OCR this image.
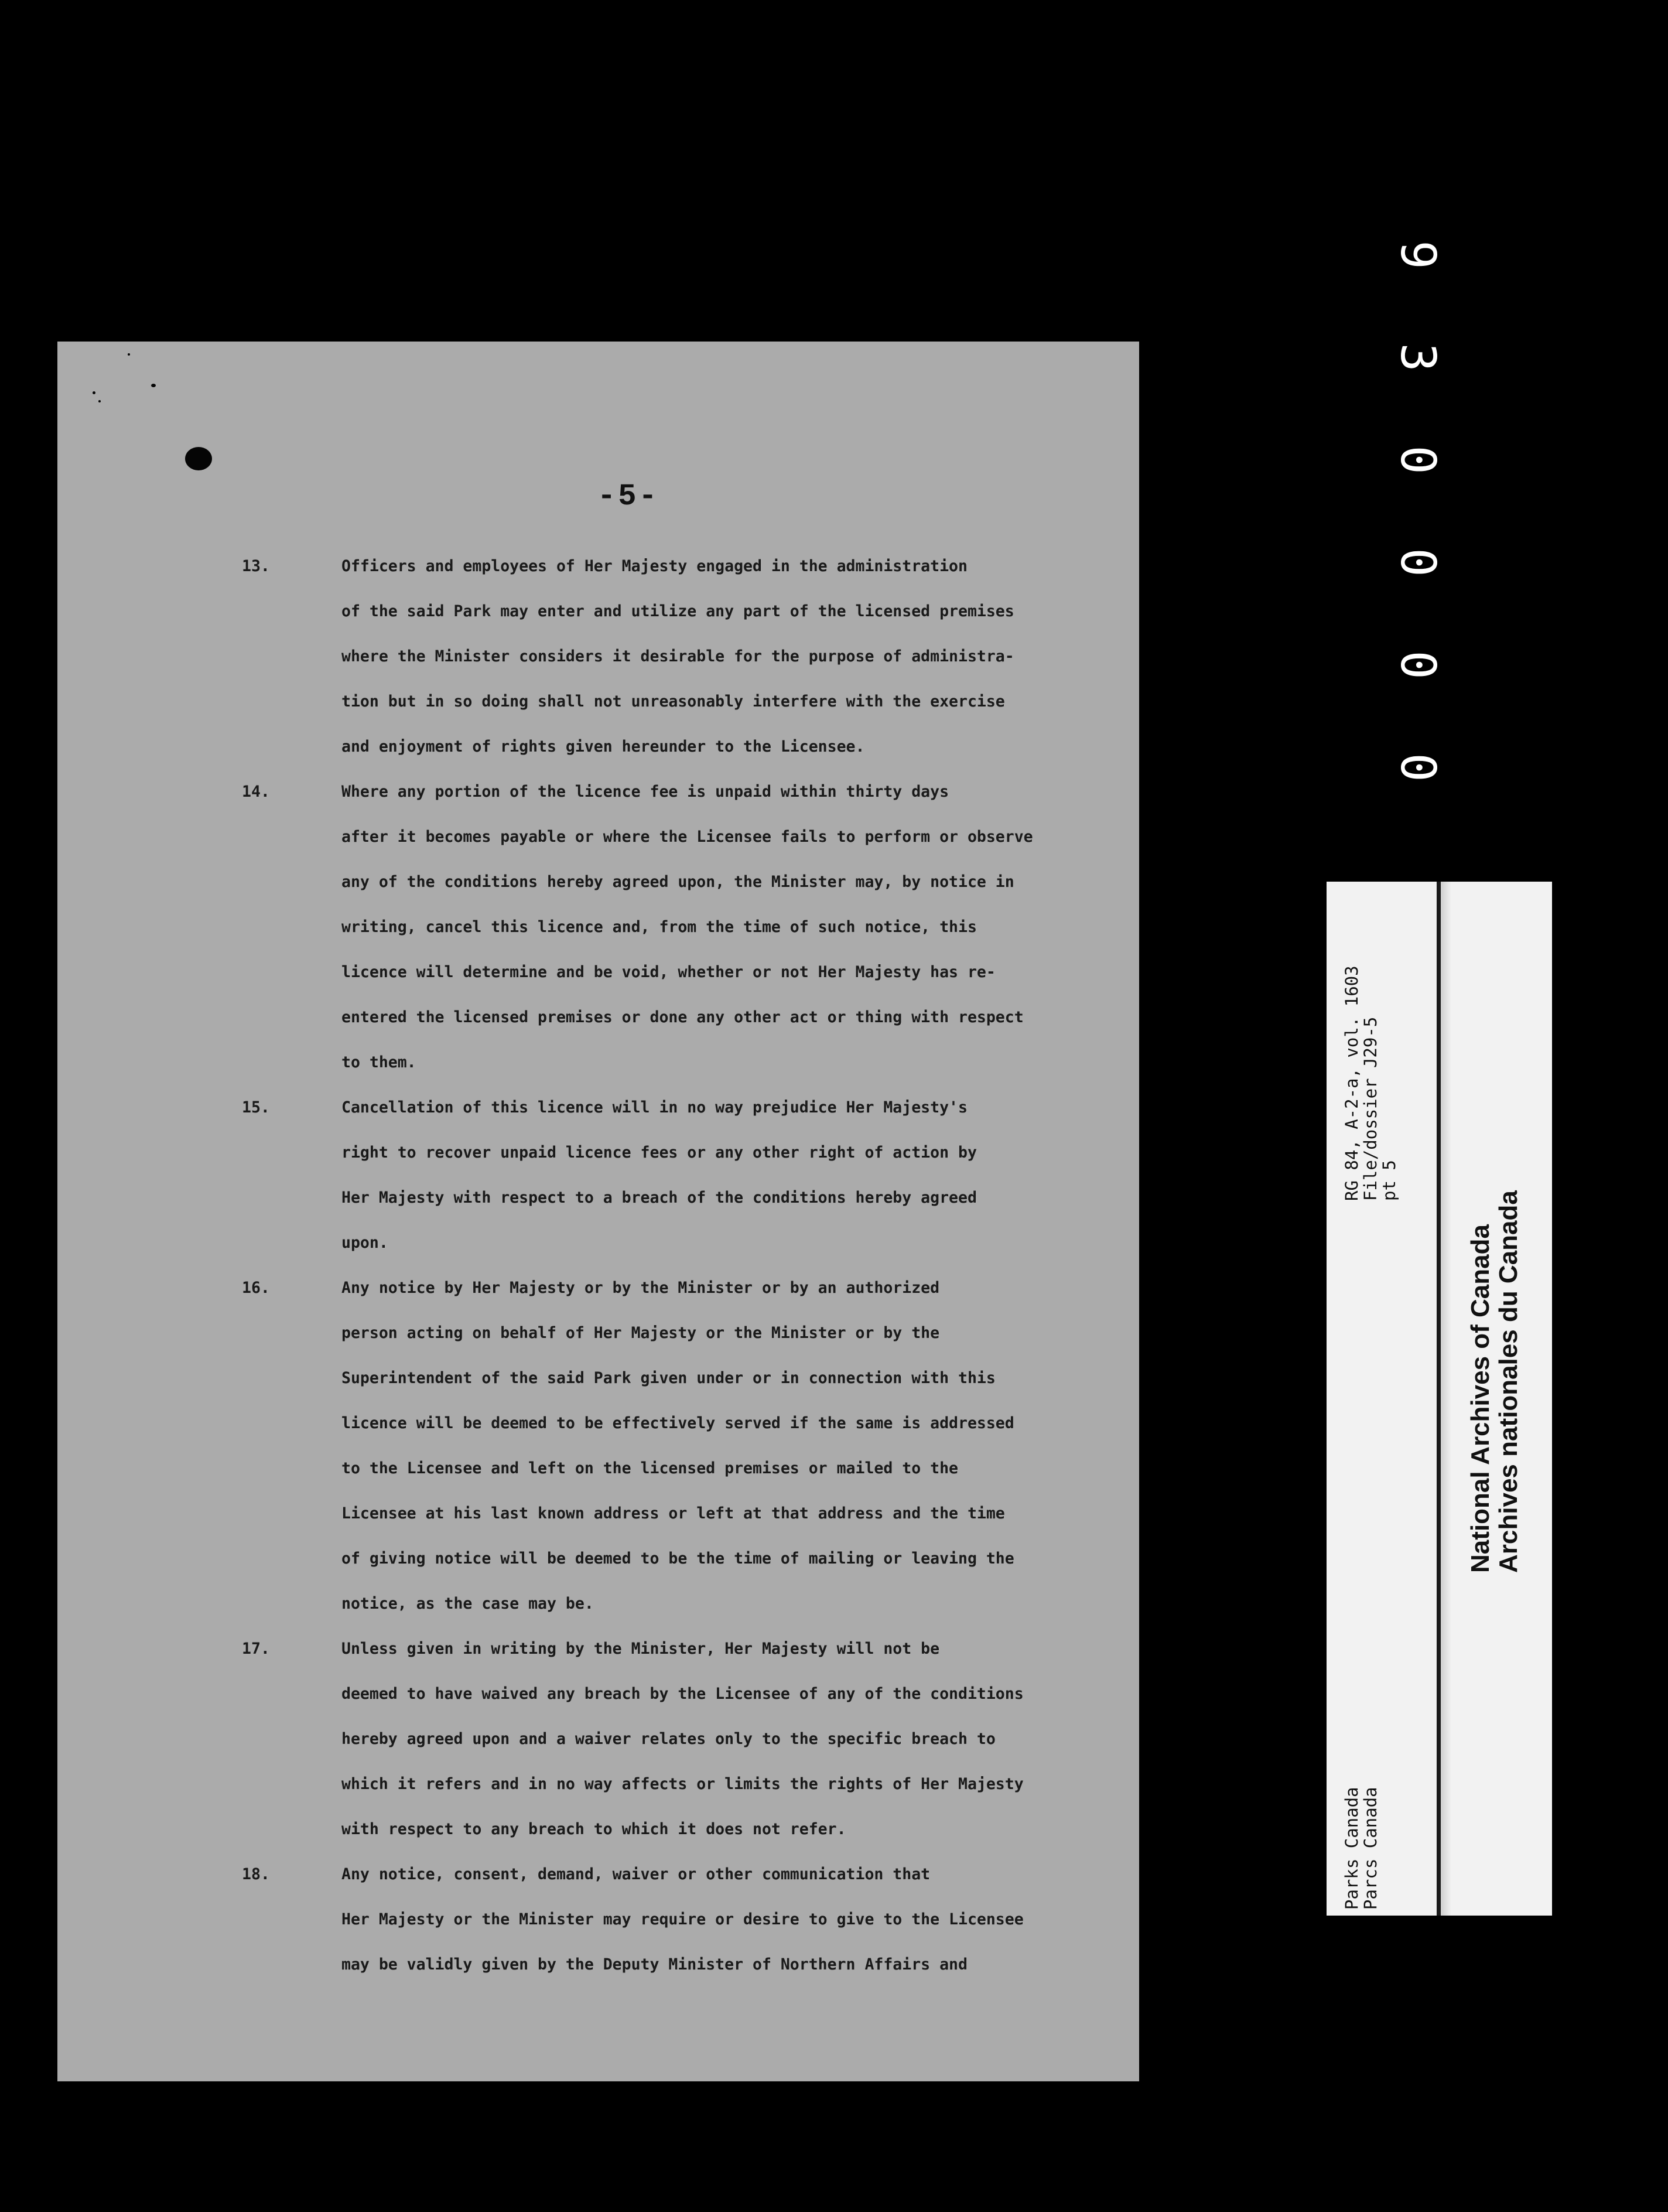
-5-
13.	Officers and employees of Her Majesty engaged in the administration
of the said Park may enter and utilize any part of the licensed premises
where the Minister considers it desirable for the purpose of administra-
tion but in so doing shall not unreasonably interfere with the exercise
and enjoyment of rights given hereunder to the Licensee.
14.	Where any portion of the licence fee is unpaid within thirty days
after it becomes payable or where the Licensee fails to perform or observe
any of the conditions hereby agreed upon, the Minister may, by notice in
writing, cancel this licence and, from the time of such notice, this
licence will determine and be void, whether or not Her Majesty has re-
entered the licensed premises or done any other act or thing with respect
to them.
15.	Cancellation of this licence will in no way prejudice Her Majesty's
right to recover unpaid licence fees or any other right of action by
Her Majesty with respect to a breach of the conditions hereby agreed
upon.
16.	Any notice by Her Majesty or by the Minister or by an authorized
person acting on behalf of Her Majesty or the Minister or by the
Superintendent of the said Park given under or in connection with this
licence will be deemed to be effectively served if the same is addressed
to the Licensee and left on the licensed premises or mailed to the
Licensee at his last known address or left at that address and the time
of giving notice will be deemed to be the time of mailing or leaving the
notice, as the case may be.
17.	Unless given in writing by the Minister, Her Majesty will not be
deemed to have waived any breach by the Licensee of any of the conditions
hereby agreed upon and a waiver relates only to the specific breach to
which it refers and in no way affects or limits the rights of Her Majesty
with respect to any breach to which it does not refer.
18.	Any notice, consent, demand, waiver or other communication that
Her Majesty or the Minister may require or desire to give to the Licensee
may be validly given by the Deputy Minister of Northern Affairs and
9
3
0
0
0
0
RG 84, A-2-a, vol. 1603
File/dossier J29-5
pt 5
National Archives of Canada Archives nationales du Canada
Parks Canada
Parcs Canada
